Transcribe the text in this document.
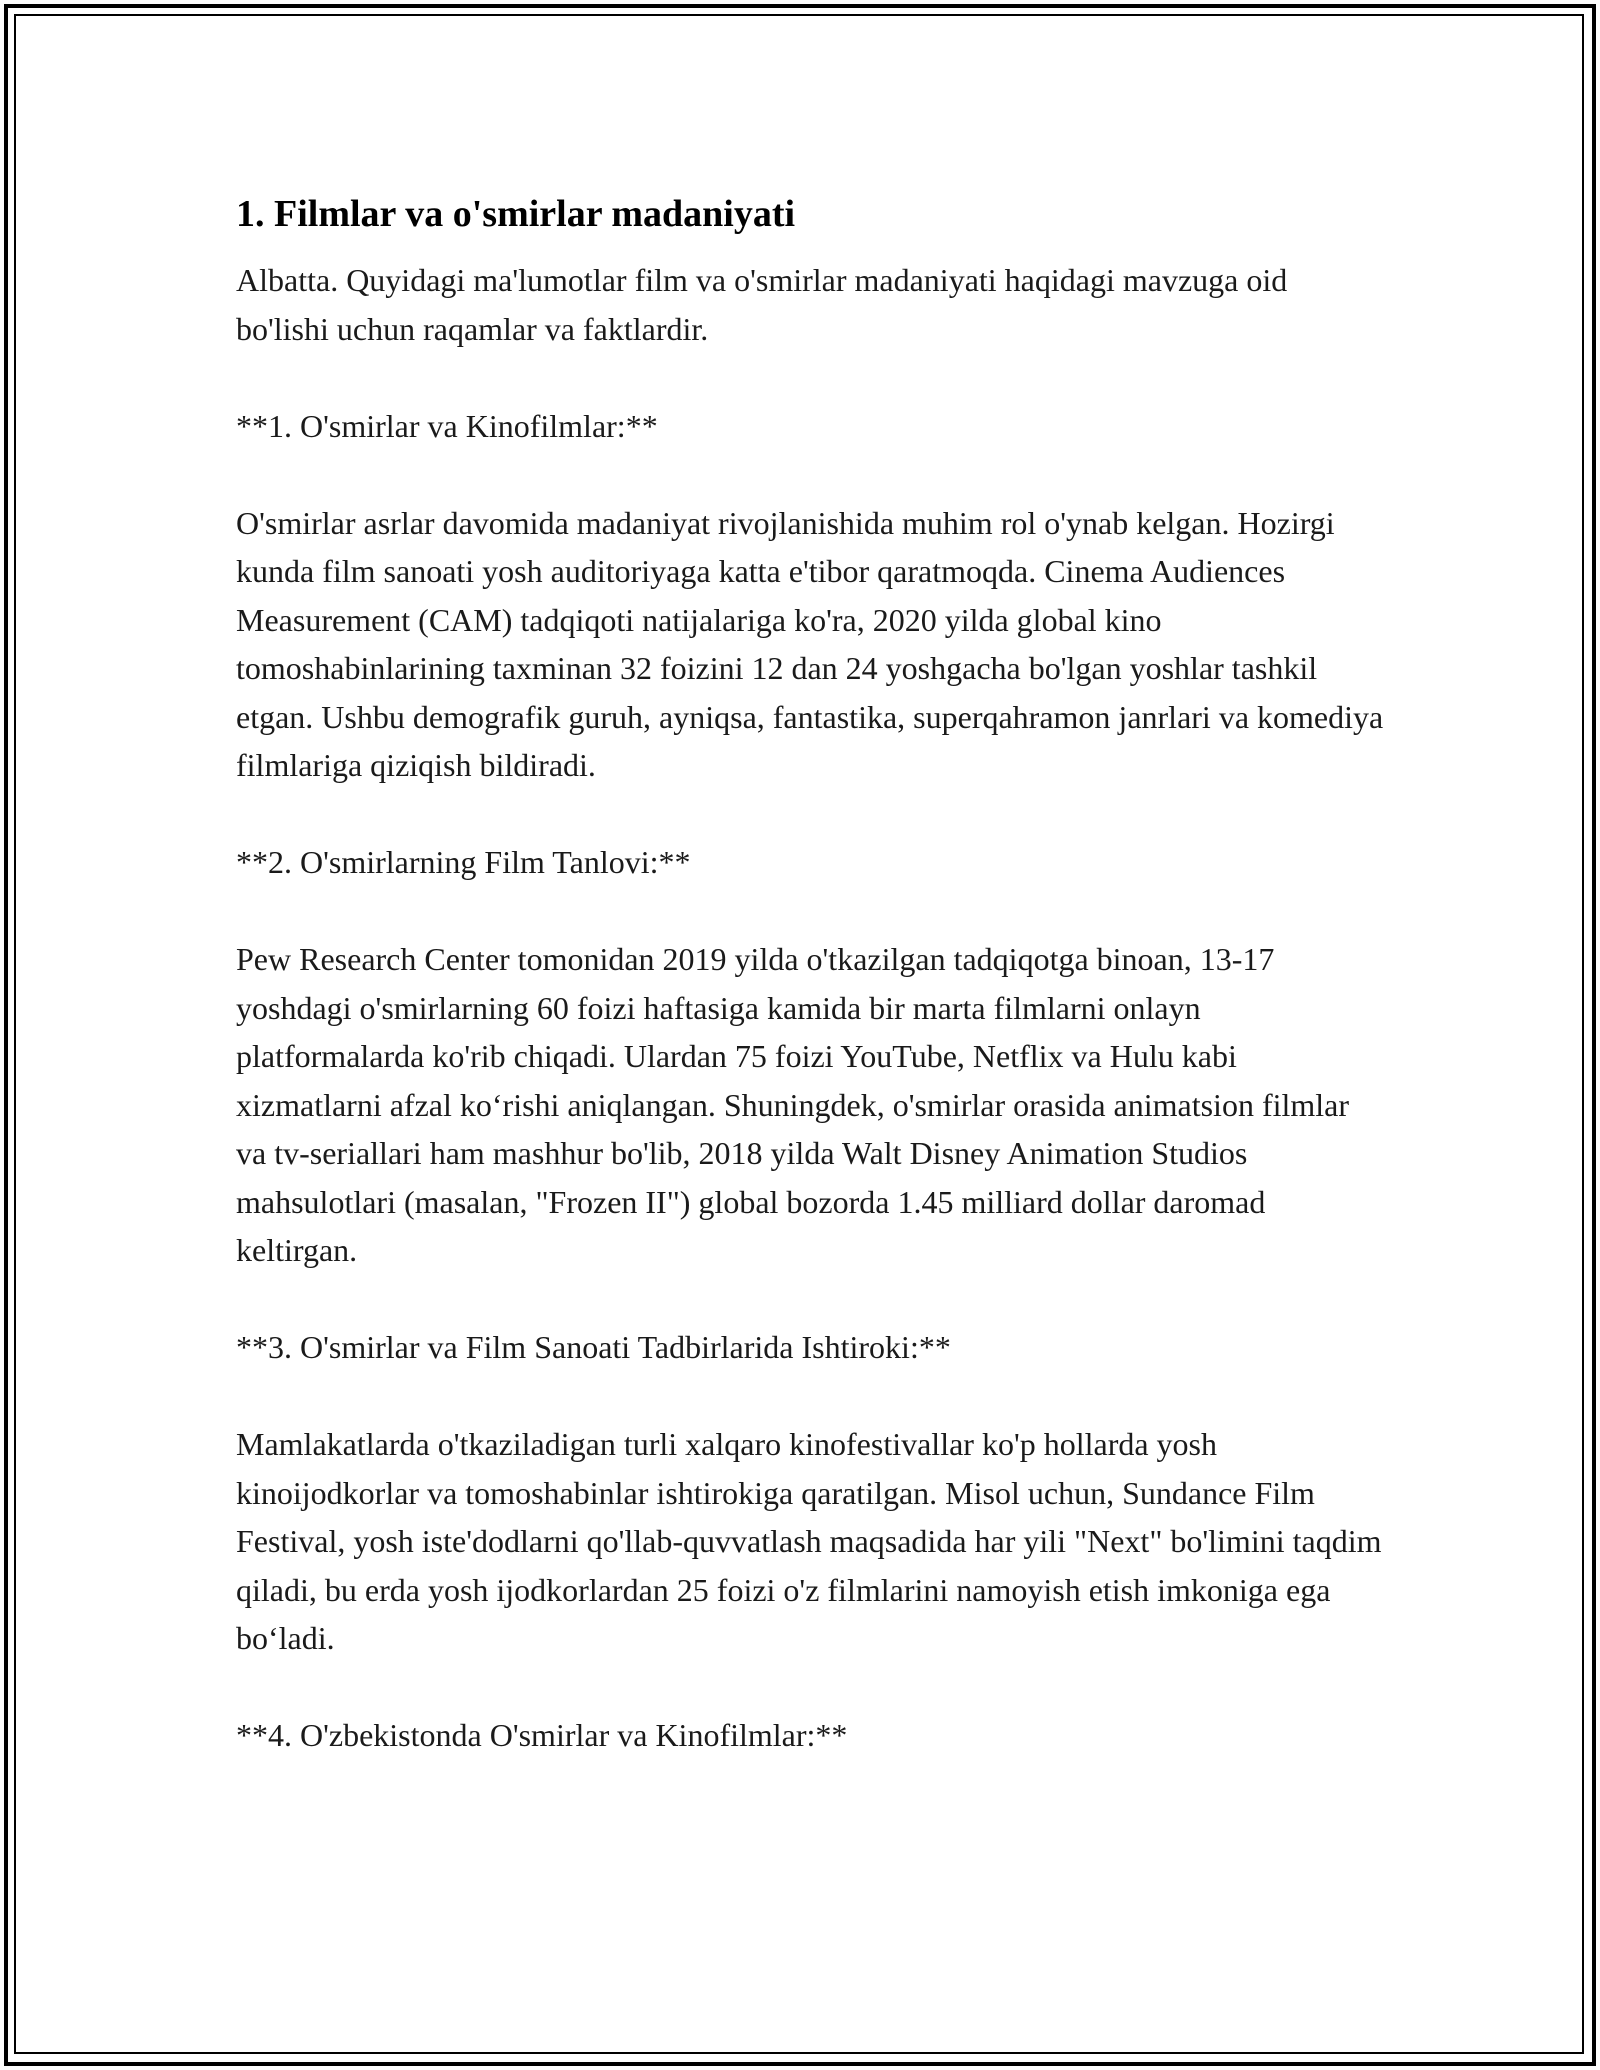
1. Filmlar va o'smirlar madaniyati

Albatta. Quyidagi ma'lumotlar film va o'smirlar madaniyati haqidagi mavzuga oid bo'lishi uchun raqamlar va faktlardir.

**1. O'smirlar va Kinofilmlar:**

O'smirlar asrlar davomida madaniyat rivojlanishida muhim rol o'ynab kelgan. Hozirgi kunda film sanoati yosh auditoriyaga katta e'tibor qaratmoqda. Cinema Audiences Measurement (CAM) tadqiqoti natijalariga ko'ra, 2020 yilda global kino tomoshabinlarining taxminan 32 foizini 12 dan 24 yoshgacha bo'lgan yoshlar tashkil etgan. Ushbu demografik guruh, ayniqsa, fantastika, superqahramon janrlari va komediya filmlariga qiziqish bildiradi.

**2. O'smirlarning Film Tanlovi:**

Pew Research Center tomonidan 2019 yilda o'tkazilgan tadqiqotga binoan, 13-17 yoshdagi o'smirlarning 60 foizi haftasiga kamida bir marta filmlarni onlayn platformalarda ko'rib chiqadi. Ulardan 75 foizi YouTube, Netflix va Hulu kabi xizmatlarni afzal ko‘rishi aniqlangan. Shuningdek, o'smirlar orasida animatsion filmlar va tv-seriallari ham mashhur bo'lib, 2018 yilda Walt Disney Animation Studios mahsulotlari (masalan, "Frozen II") global bozorda 1.45 milliard dollar daromad keltirgan.

**3. O'smirlar va Film Sanoati Tadbirlarida Ishtiroki:**

Mamlakatlarda o'tkaziladigan turli xalqaro kinofestivallar ko'p hollarda yosh kinoijodkorlar va tomoshabinlar ishtirokiga qaratilgan. Misol uchun, Sundance Film Festival, yosh iste'dodlarni qo'llab-quvvatlash maqsadida har yili "Next" bo'limini taqdim qiladi, bu erda yosh ijodkorlardan 25 foizi o'z filmlarini namoyish etish imkoniga ega bo‘ladi.

**4. O'zbekistonda O'smirlar va Kinofilmlar:**
